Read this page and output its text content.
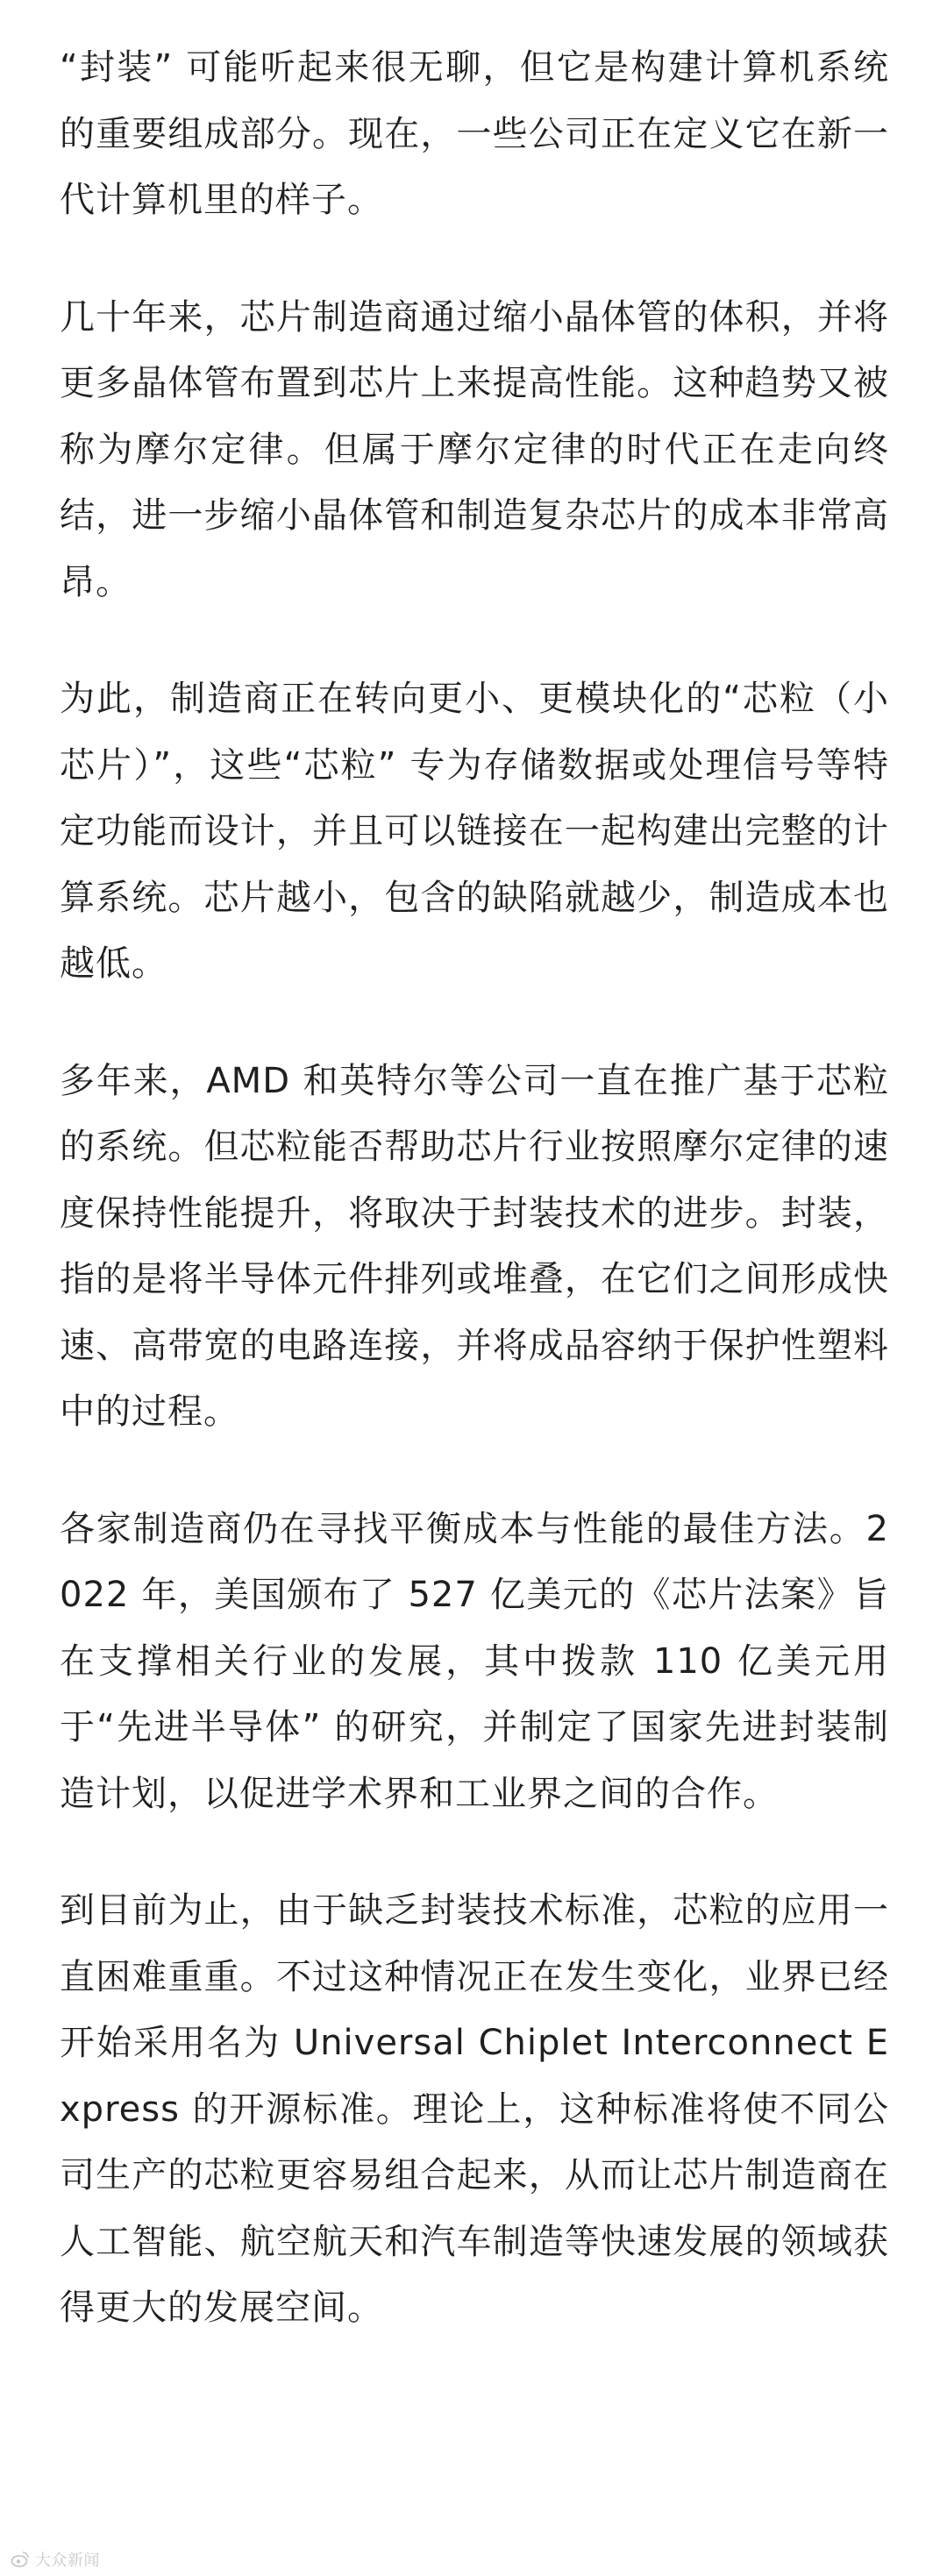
“封装” 可能听起来很无聊，但它是构建计算机系统的重要组成部分。现在，一些公司正在定义它在新一代计算机里的样子。

几十年来，芯片制造商通过缩小晶体管的体积，并将更多晶体管布置到芯片上来提高性能。这种趋势又被称为摩尔定律。但属于摩尔定律的时代正在走向终结，进一步缩小晶体管和制造复杂芯片的成本非常高昂。

为此，制造商正在转向更小、更模块化的“芯粒（小芯片）”，这些“芯粒” 专为存储数据或处理信号等特定功能而设计，并且可以链接在一起构建出完整的计算系统。芯片越小，包含的缺陷就越少，制造成本也越低。

多年来，AMD 和英特尔等公司一直在推广基于芯粒的系统。但芯粒能否帮助芯片行业按照摩尔定律的速度保持性能提升，将取决于封装技术的进步。封装，指的是将半导体元件排列或堆叠，在它们之间形成快速、高带宽的电路连接，并将成品容纳于保护性塑料中的过程。

各家制造商仍在寻找平衡成本与性能的最佳方法。2022 年，美国颁布了 527 亿美元的《芯片法案》旨在支撑相关行业的发展，其中拨款 110 亿美元用于“先进半导体” 的研究，并制定了国家先进封装制造计划，以促进学术界和工业界之间的合作。

到目前为止，由于缺乏封装技术标准，芯粒的应用一直困难重重。不过这种情况正在发生变化，业界已经开始采用名为 Universal Chiplet Interconnect Express 的开源标准。理论上，这种标准将使不同公司生产的芯粒更容易组合起来，从而让芯片制造商在人工智能、航空航天和汽车制造等快速发展的领域获得更大的发展空间。

大众新闻
